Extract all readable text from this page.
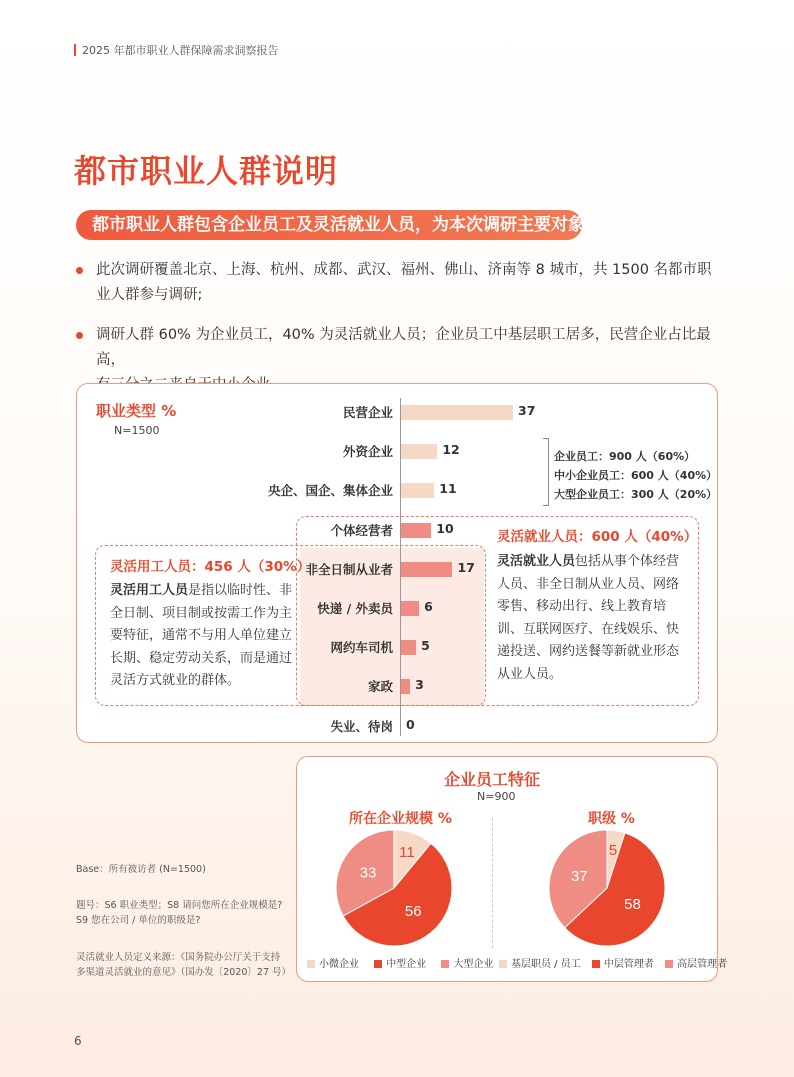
2025 年都市职业人群保障需求洞察报告
都市职业人群说明
都市职业人群包含企业员工及灵活就业人员，为本次调研主要对象
此次调研覆盖北京、上海、杭州、成都、武汉、福州、佛山、济南等 8 城市，共 1500 名都市职
业人群参与调研;
调研人群 60% 为企业员工，40% 为灵活就业人员；企业员工中基层职工居多，民营企业占比最高，
职业类型 %
N=1500
民营企业	37
外资企业	12
央企、国企、集体企业	11
个体经营者	10
非全日制从业者	17
快递 / 外卖员 6
网约车司机 5
家政 3
失业、待岗 0
企业员工：900 人（60%）
中小企业员工：600 人（40%）
大型企业员工：300 人（20%）
灵活用工人员：456 人（30%）
灵活用工人员是指以临时性、非全日制、项目制或按需工作为主要特征，通常不与用人单位建立长期、稳定劳动关系，而是通过灵活方式就业的群体。
灵活就业人员：600 人（40%）
灵活就业人员包括从事个体经营人员、非全日制从业人员、网络零售、移动出行、线上教育培训、互联网医疗、在线娱乐、快递投送、网约送餐等新就业形态从业人员。
企业员工特征
N=900
所在企业规模 %	职级 %
11
56
33
5
58
37
小微企业	中型企业	大型企业	基层职员 / 员工 中层管理者 高层管理者
Base：所有被访者 (N=1500)
题号：S6 职业类型；S8 请问您所在企业规模是?
S9 您在公司 / 单位的职级是?
灵活就业人员定义来源：《国务院办公厅关于支持
多渠道灵活就业的意见》（国办发〔2020〕27 号）
6
